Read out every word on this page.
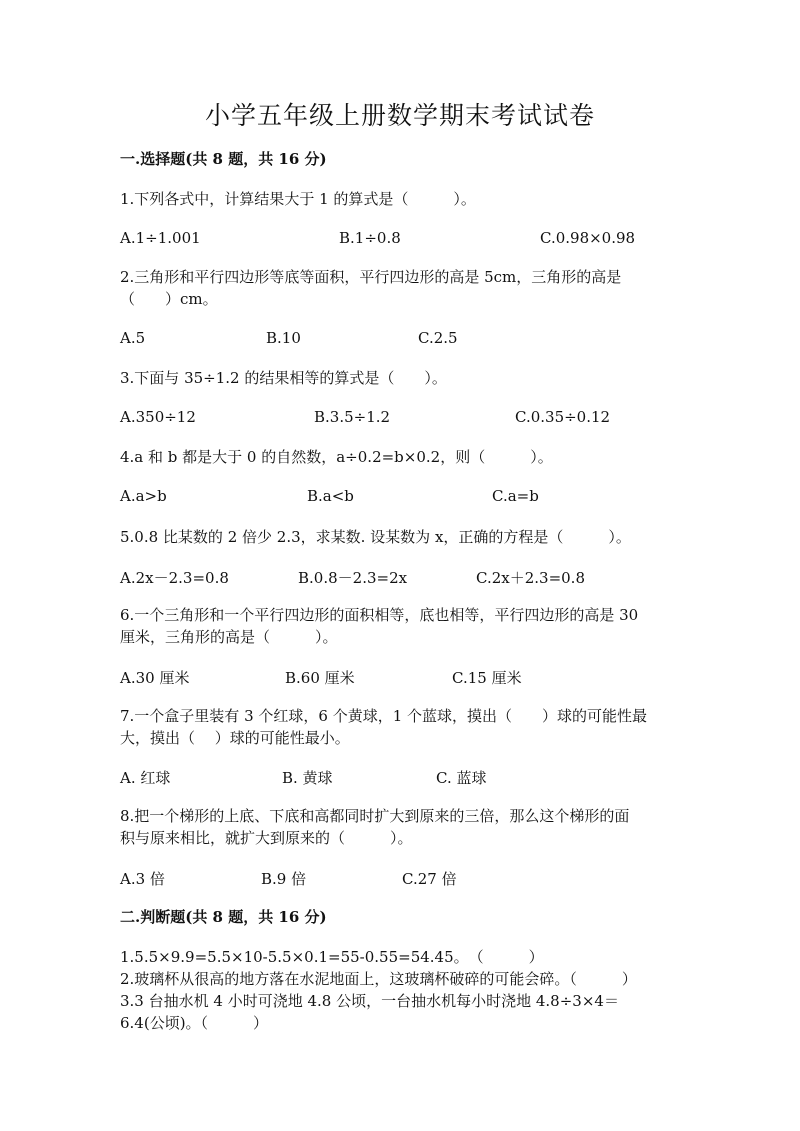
小学五年级上册数学期末考试试卷
一.选择题(共 8 题，共 16 分)
1.下列各式中，计算结果大于 1 的算式是（　　　）。
A.1÷1.001	B.1÷0.8	C.0.98×0.98
2.三角形和平行四边形等底等面积，平行四边形的高是 5cm，三角形的高是
（　　）cm。
A.5	B.10	C.2.5
3.下面与 35÷1.2 的结果相等的算式是（　　）。
A.350÷12	B.3.5÷1.2	C.0.35÷0.12
4.a 和 b 都是大于 0 的自然数，a÷0.2=b×0.2，则（　　　）。
A.a>b	B.a<b	C.a=b
5.0.8 比某数的 2 倍少 2.3，求某数. 设某数为 x，正确的方程是（　　　）。
A.2x－2.3=0.8	B.0.8－2.3=2x	C.2x＋2.3=0.8
6.一个三角形和一个平行四边形的面积相等，底也相等，平行四边形的高是 30
厘米，三角形的高是（　　　）。
A.30 厘米	B.60 厘米	C.15 厘米
7.一个盒子里装有 3 个红球，6 个黄球，1 个蓝球，摸出（　　）球的可能性最
大，摸出（　 ）球的可能性最小。
A. 红球	B. 黄球	C. 蓝球
8.把一个梯形的上底、下底和高都同时扩大到原来的三倍，那么这个梯形的面
积与原来相比，就扩大到原来的（　　　）。
A.3 倍	B.9 倍	C.27 倍
二.判断题(共 8 题，共 16 分)
1.5.5×9.9=5.5×10-5.5×0.1=55-0.55=54.45。　（　　　）
2.玻璃杯从很高的地方落在水泥地面上，这玻璃杯破碎的可能会碎。（　　　）
3.3 台抽水机 4 小时可浇地 4.8 公顷，一台抽水机每小时浇地 4.8÷3×4＝
6.4(公顷)。（　　　）
